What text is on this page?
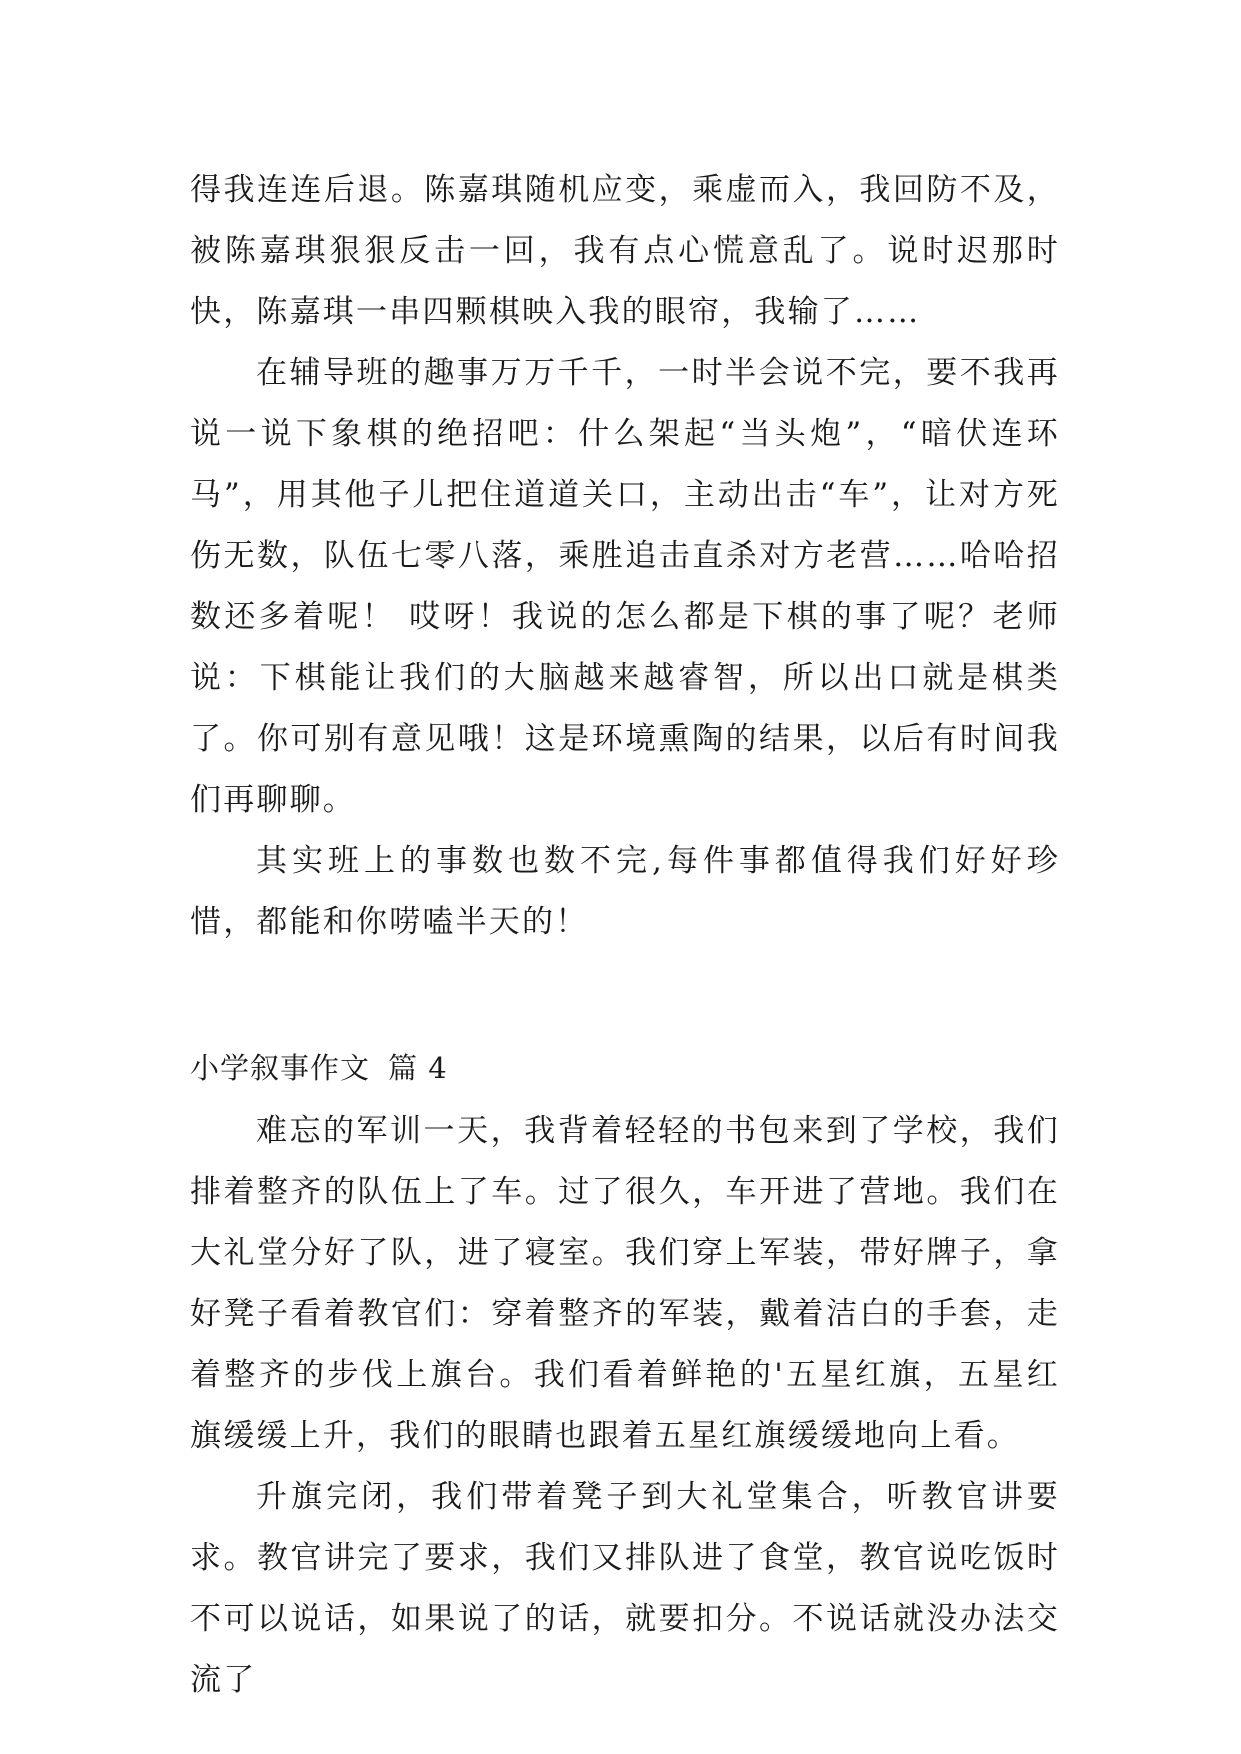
得我连连后退。陈嘉琪随机应变，乘虚而入，我回防不及，被陈嘉琪狠狠反击一回，我有点心慌意乱了。说时迟那时快，陈嘉琪一串四颗棋映入我的眼帘，我输了……

在辅导班的趣事万万千千，一时半会说不完，要不我再说一说下象棋的绝招吧：什么架起“当头炮”，“暗伏连环马”，用其他子儿把住道道关口，主动出击“车”，让对方死伤无数，队伍七零八落，乘胜追击直杀对方老营……哈哈招数还多着呢！ 哎呀！我说的怎么都是下棋的事了呢？老师说：下棋能让我们的大脑越来越睿智，所以出口就是棋类了。你可别有意见哦！这是环境熏陶的结果，以后有时间我们再聊聊。

其实班上的事数也数不完,每件事都值得我们好好珍惜，都能和你唠嗑半天的！

小学叙事作文 篇 4

难忘的军训一天，我背着轻轻的书包来到了学校，我们排着整齐的队伍上了车。过了很久，车开进了营地。我们在大礼堂分好了队，进了寝室。我们穿上军装，带好牌子，拿好凳子看着教官们：穿着整齐的军装，戴着洁白的手套，走着整齐的步伐上旗台。我们看着鲜艳的'五星红旗，五星红旗缓缓上升，我们的眼睛也跟着五星红旗缓缓地向上看。

升旗完闭，我们带着凳子到大礼堂集合，听教官讲要求。教官讲完了要求，我们又排队进了食堂，教官说吃饭时不可以说话，如果说了的话，就要扣分。不说话就没办法交流了
